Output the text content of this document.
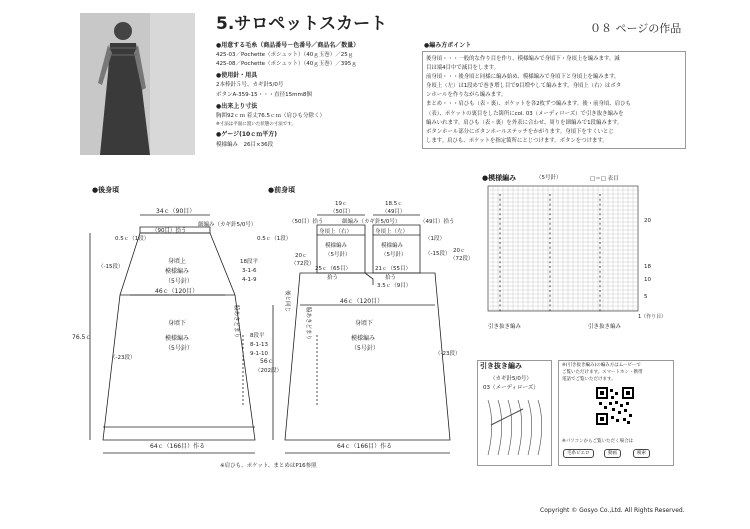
5.サロペットスカート	０８ ページの作品
●用意する毛糸（商品番号－色番号／商品名／数量）
425-03／Pochette（ポシェット）（40ｇ玉巻）／25ｇ
425-08／Pochette（ポシェット）（40ｇ玉巻）／395ｇ
●使用針・用具
2本棒針５号、カギ針5/0号
ボタンA-359-15・・・直径15mm8個
●出来上り寸法
胸囲92ｃｍ 着丈76.5ｃｍ（肩ひも分除く）
※寸法は平面に置いた状態の寸法です。
●ゲージ(10ｃｍ平方)
模様編み　26目×36段
●編み方ポイント
後身頃・・・一般的な作り目を作り、模様編みで身頃下・身頃上を編みます。減
目は端4目中で減目をします。
前身頃・・・後身頃と同様に編み始め、模様編みで身頃下と身頃上を編みます。
身頃上（左）は1段めで巻き増し目で9目増やして編みます。身頃上（右）はボタ
ンホールを作りながら編みます。
まとめ・・・肩ひも（表・裏）、ポケットを各2枚ずつ編みます。後・前身頃、肩ひも
（表）、ポケットの裏目をした箇所にcol. 03（メーディローズ）で引き抜き編みを
編みいれます。肩ひも（表・裏）を外表に合わせ、周りを細編みで1段編みます。
ボタンホール部分にボタンホールステッチをかがります。身頃下をすくいとじ
します。肩ひも、ポケットを指定箇所にとじつけます。ボタンをつけます。
●後身頃
34ｃ（90目）
（90目）拾う
細編み（カギ針5/0号）
身頃上
模様編み
（5号針）
（-15段）
46ｃ（120目）
18段平
3-1-6
4-1-9
身頃下
模様編み
（5号針）
（-23段）
8段平
8-1-13
9-1-10
脇あきどまり
76.5ｃ
64ｃ（166目）作る
0.5ｃ（1段）
※肩ひも、ポケット、まとめはP16参照
●前身頃
19ｃ
（50目）
18.5ｃ
（49目）
（50目）拾う	（49目）拾う
細編み（カギ針5/0号）
0.5ｃ（1段）	（1段）
身頃上（右）	身頃上（左）
模様編み	模様編み
（5号針）	（5号針）
25ｃ（65目）	21ｃ（55目）
拾う	拾う
3.5ｃ（9目）
20ｃ
（72段）
20ｃ
（72段）
（-15段）
46ｃ（120目）
身頃下
模様編み
（5号針）
（-23段）
脇あきどまり
後と同じ
56ｃ
（202段）
64ｃ（166目）作る
●模様編み	（5号針）	□＝□ 表目
20
18
10
5
1（作り目）
引き抜き編み	引き抜き編み
引き抜き編み
（カギ針5/0号）
03（メーディローズ）
※(引き抜き編み)の編み方はムービーで
ご覧いただけます。スマートホン・携帯
電話でご覧いただけます。
※パソコンからご覧いただく場合は
毛糸ピエロ	動画	検索
Copyright © Gosyo Co.,Ltd. All Rights Reserved.
